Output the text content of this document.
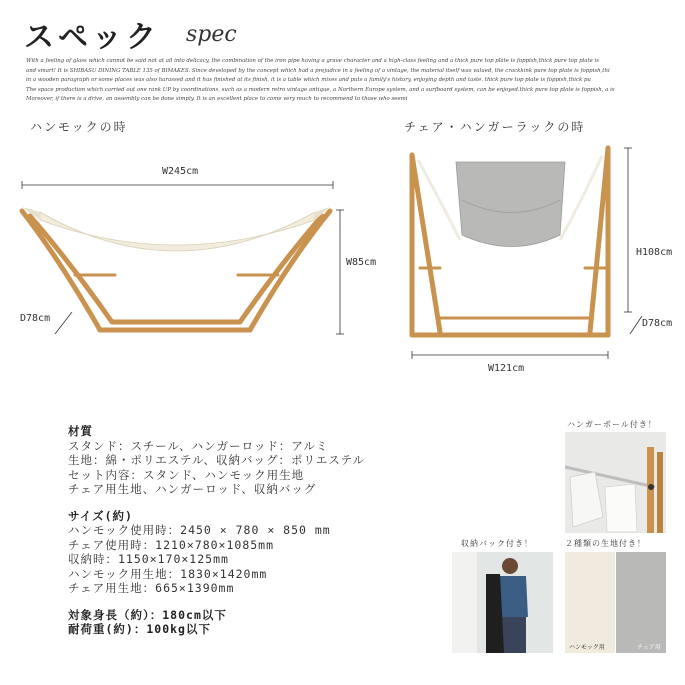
スペック spec

With a feeling of glass which cannot be said not at all into delicacy, the combination of the iron pipe having a grave character and a high-class feeling and a thick pure top plate is foppish,thick pure top plate is

and smart! It is SHIBASU DINING TABLE 135 of BIMAKES. Since developed by the concept which had a prejudice in a feeling of a vintage, the material itself was valued, the crackkink pure top plate is foppish,thi

in a wooden paragraph or some places was also harassed and it has finished at its finish, it is a table which mixes and puts a family's history, enjoying depth and taste. thick pure top plate is foppish,thick pu

The space production which carried out one rank UP by coordinations, such as a modern retro vintage antique, a Northern Europe system, and a surfboard system, can be enjoyed.thick pure top plate is foppish, a is

Moreover, if there is a drive, an assembly can be done simply. It is an excellent place to come very much to recommend to those who seemi

ハンモックの時	チェア・ハンガーラックの時
W245cm
W85cm
D78cm
W121cm
H108cm
D78cm
材質
スタンド：スチール、ハンガーロッド：アルミ
生地：綿・ポリエステル、収納バッグ：ポリエステル
セット内容：スタンド、ハンモック用生地
チェア用生地、ハンガーロッド、収納バッグ
サイズ(約)
ハンモック使用時：2450 × 780 × 850 mm
チェア使用時：1210×780×1085mm
収納時：1150×170×125mm
ハンモック用生地：1830×1420mm
チェア用生地：665×1390mm
対象身長（約）：180cm以下
耐荷重(約)：100kg以下
ハンガーポール付き！
収納バック付き！	２種類の生地付き！
ハンモック用	チェア用
